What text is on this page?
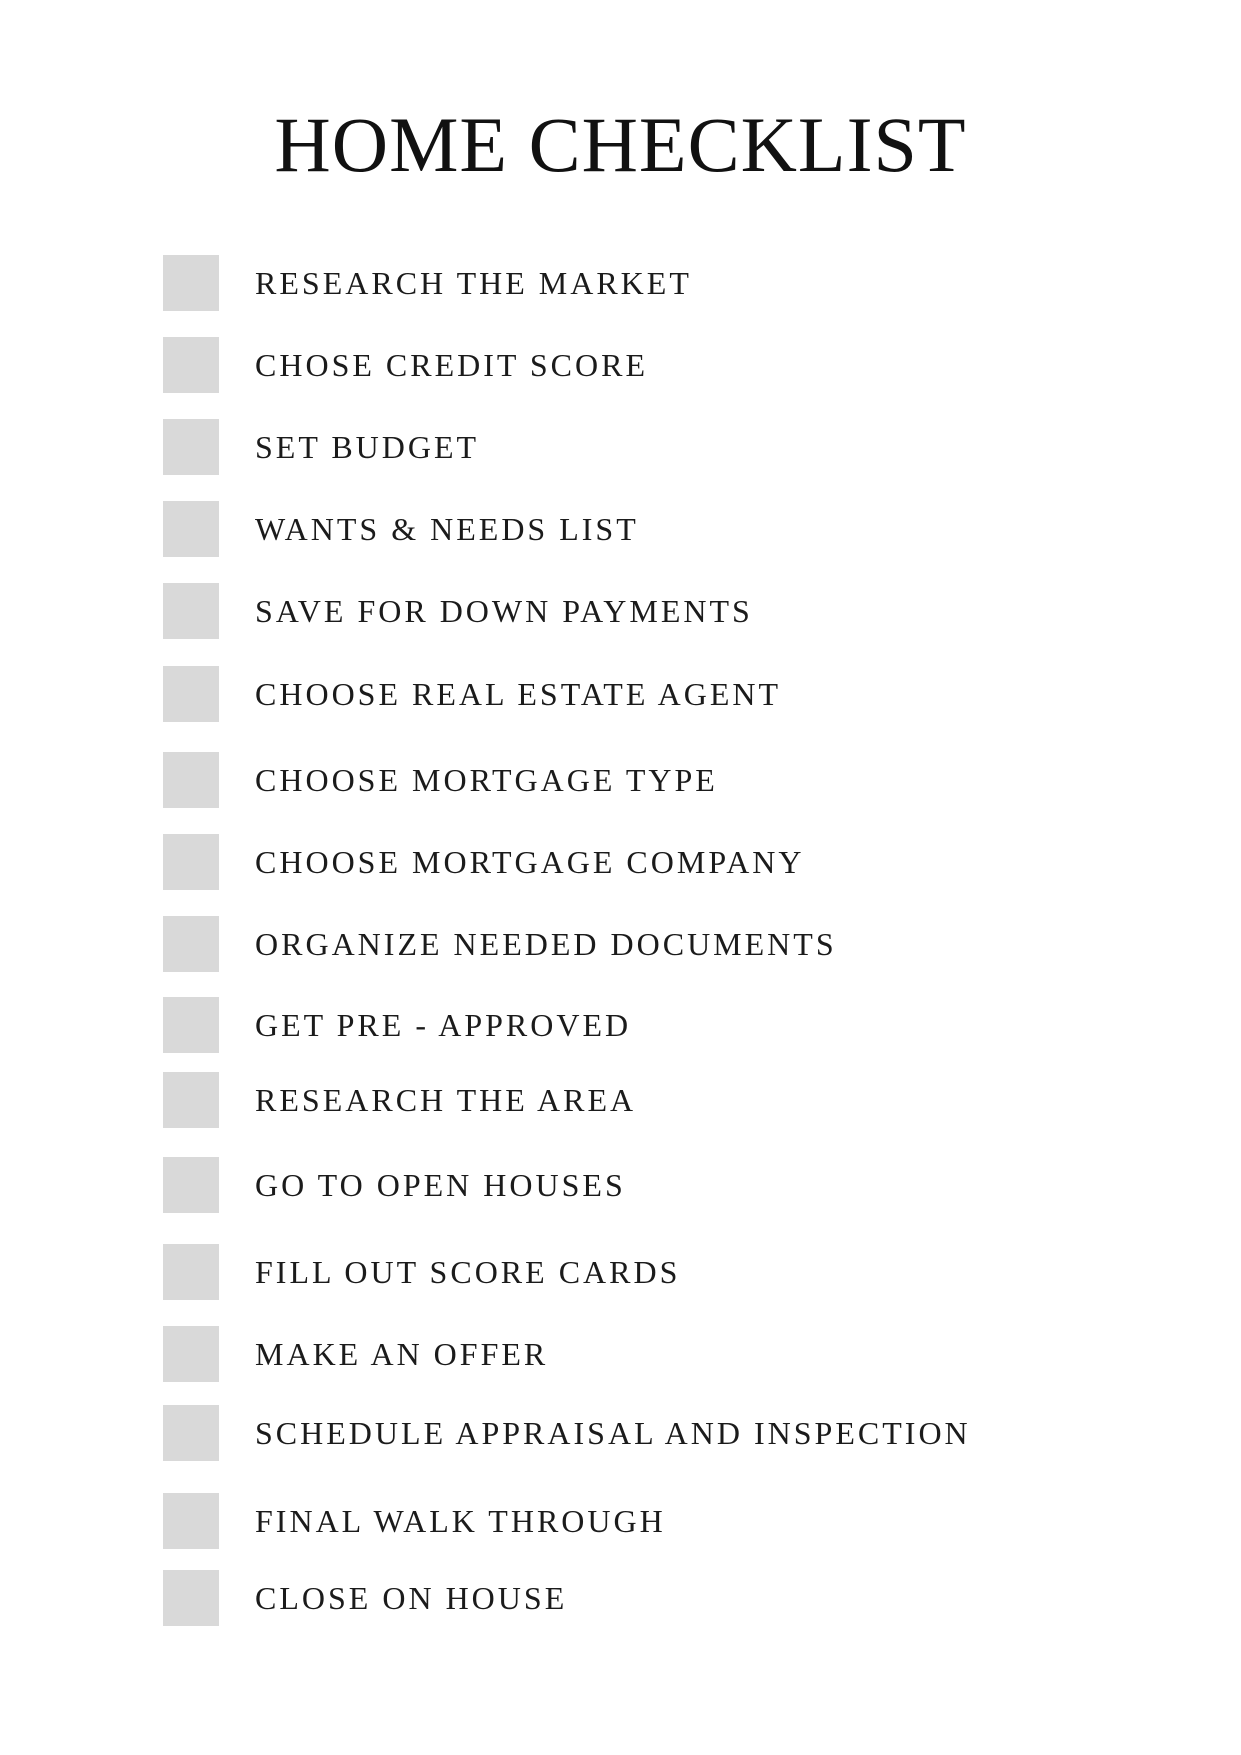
HOME CHECKLIST
RESEARCH THE MARKET
CHOSE CREDIT SCORE
SET BUDGET
WANTS & NEEDS LIST
SAVE FOR DOWN PAYMENTS
CHOOSE REAL ESTATE AGENT
CHOOSE MORTGAGE TYPE
CHOOSE MORTGAGE COMPANY
ORGANIZE NEEDED DOCUMENTS
GET PRE - APPROVED
RESEARCH THE AREA
GO TO OPEN HOUSES
FILL OUT SCORE CARDS
MAKE AN OFFER
SCHEDULE APPRAISAL AND INSPECTION
FINAL WALK THROUGH
CLOSE ON HOUSE
